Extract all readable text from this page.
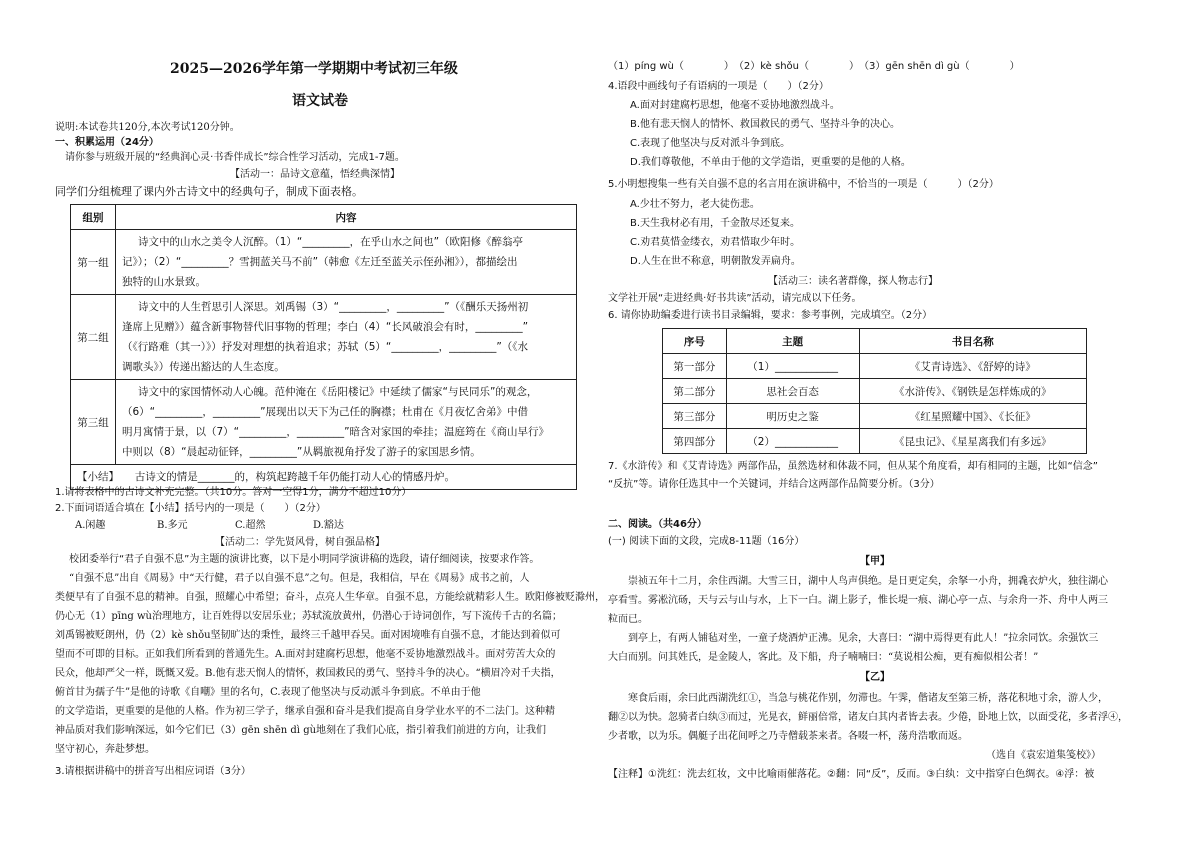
2025—2026学年第一学期期中考试初三年级
语文试卷
说明:本试卷共120分,本次考试120分钟。
一、积累运用（24分）
请你参与班级开展的“经典润心灵·书香伴成长”综合性学习活动，完成1-7题。
【活动一：品诗文意蕴，悟经典深情】
同学们分组梳理了课内外古诗文中的经典句子，制成下面表格。
组别	内容
第一组	诗文中的山水之美令人沉醉。（1）“_________，在乎山水之间也”（欧阳修《醉翁亭
记》）；（2）“_________？雪拥蓝关马不前”（韩愈《左迁至蓝关示侄孙湘》），都描绘出
独特的山水景致。

第二组	诗文中的人生哲思引人深思。刘禹锡（3）“_________，_________”（《酬乐天扬州初
逢席上见赠》）蕴含新事物替代旧事物的哲理；李白（4）“长风破浪会有时，_________”
（《行路难（其一）》）抒发对理想的执着追求；苏轼（5）“_________，_________”（《水
调歌头》）传递出豁达的人生态度。

第三组	诗文中的家国情怀动人心魄。范仲淹在《岳阳楼记》中延续了儒家“与民同乐”的观念，
（6）“_________，_________”展现出以天下为己任的胸襟；杜甫在《月夜忆舍弟》中借
明月寓情于景，以（7）“_________，_________”暗含对家国的牵挂；温庭筠在《商山早行》
中则以（8）“晨起动征铎，_________”从羁旅视角抒发了游子的家国思乡情。

【小结】　　古诗文的情是_______的，构筑起跨越千年仍能打动人心的情感丹炉。	
1.请将表格中的古诗文补充完整。（共10分。答对一空得1分，满分不超过10分）
2.下面词语适合填在【小结】括号内的一项是（　　）（2分）
A.闲趣	B.多元	C.超然	D.豁达
【活动二：学先贤风骨，树自强品格】
校团委举行“君子自强不息”为主题的演讲比赛，以下是小明同学演讲稿的选段，请仔细阅读，按要求作答。
“自强不息”出自《周易》中“天行健，君子以自强不息”之句。但是，我相信，早在《周易》成书之前，人
类便早有了自强不息的精神。自强，照耀心中希望；奋斗，点亮人生华章。自强不息，方能绘就精彩人生。欧阳修被贬滁州，
仍心无（1）pīng wù治理地方，让百姓得以安居乐业；苏轼流放黄州，仍潜心于诗词创作，写下流传千古的名篇；
刘禹锡被贬朗州，仍（2）kè shǒu坚韧旷达的秉性，最终三千越甲吞吴。面对困境唯有自强不息，才能达到着似可
望而不可即的目标。正如我们所看到的普通先生。A.面对封建腐朽思想，他毫不妥协地激烈战斗。面对劳苦大众的
民众，他却严父一样，既慨又爱。B.他有悲天悯人的情怀，救国救民的勇气、坚持斗争的决心。“横眉冷对千夫指，
俯首甘为孺子牛”是他的诗歌《自嘲》里的名句，C.表现了他坚决与反动派斗争到底。不单由于他
的文学造诣，更重要的是他的人格。作为初三学子，继承自强和奋斗是我们提高自身学业水平的不二法门。这种精
神品质对我们影响深远，如今它们已（3）gēn shēn dì gù地刻在了我们心底，指引着我们前进的方向，让我们
坚守初心，奔赴梦想。
3.请根据讲稿中的拼音写出相应词语（3分）
（1）píng wù（　　　　）　（2）kè shǒu（　　　　）　（3）gēn shēn dì gù（　　　　）
4.语段中画线句子有语病的一项是（　　）（2分）
A.面对封建腐朽思想，他毫不妥协地激烈战斗。
B.他有悲天悯人的情怀、救国救民的勇气、坚持斗争的决心。
C.表现了他坚决与反对派斗争到底。
D.我们尊敬他，不单由于他的文学造诣，更重要的是他的人格。
5.小明想搜集一些有关自强不息的名言用在演讲稿中，不恰当的一项是（　　　）（2分）
A.少壮不努力，老大徒伤悲。
B.天生我材必有用，千金散尽还复来。
C.劝君莫惜金缕衣，劝君惜取少年时。
D.人生在世不称意，明朝散发弄扁舟。
【活动三：读名著群像，探人物志行】
文学社开展“走进经典·好书共读”活动，请完成以下任务。
6. 请你协助编委进行读书目录编辑，要求：参考事例，完成填空。（2分）
序号	主题	书目名称
第一部分	（1）____________	《艾青诗选》、《舒婷的诗》
第二部分	思社会百态	《水浒传》、《钢铁是怎样炼成的》
第三部分	明历史之鉴	《红星照耀中国》、《长征》
第四部分	（2）____________	《昆虫记》、《星星离我们有多远》
7.《水浒传》和《艾青诗选》两部作品，虽然选材和体裁不同，但从某个角度看，却有相同的主题，比如“信念”
“反抗”等。请你任选其中一个关键词，并结合这两部作品简要分析。（3分）
二、阅读。（共46分）
(一) 阅读下面的文段，完成8-11题（16分）
【甲】
崇祯五年十二月，余住西湖。大雪三日，湖中人鸟声俱绝。是日更定矣，余拏一小舟，拥毳衣炉火，独往湖心
亭看雪。雾凇沆砀，天与云与山与水，上下一白。湖上影子，惟长堤一痕、湖心亭一点、与余舟一芥、舟中人两三
粒而已。
到亭上，有两人铺毡对坐，一童子烧酒炉正沸。见余，大喜曰：“湖中焉得更有此人！”拉余同饮。余强饮三
大白而别。问其姓氏，是金陵人，客此。及下船，舟子喃喃曰：“莫说相公痴，更有痴似相公者！”
【乙】
寒食后雨，余曰此西湖洗红①，当急与桃花作别，勿滞也。午霁，偕诸友至第三桥，落花积地寸余，游人少，
翻②以为快。忽骑者白纨③而过，光晃衣，鲜丽倍常，诸友白其内者皆去表。少倦，卧地上饮，以面受花，多者浮④，
少者歌，以为乐。偶艇子出花间呼之乃寺僧载茶来者。各啜一杯，荡舟浩歌而返。
（选自《袁宏道集笺校》）
【注释】①洗红：洗去红妆，文中比喻雨催落花。②翻：同“反”，反而。③白纨：文中指穿白色绸衣。④浮：被
